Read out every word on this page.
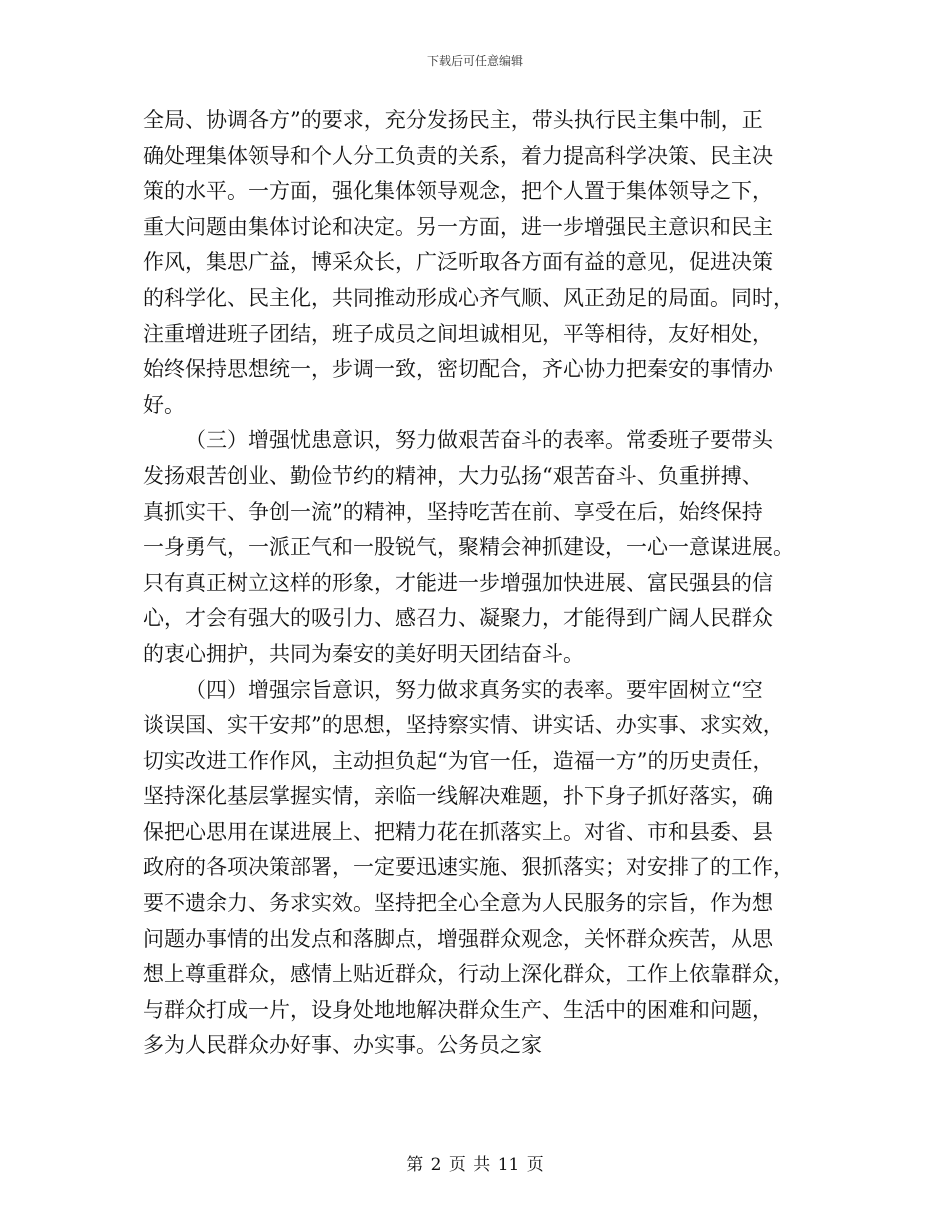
下载后可任意编辑
全局、协调各方”的要求，充分发扬民主，带头执行民主集中制，正
确处理集体领导和个人分工负责的关系，着力提高科学决策、民主决
策的水平。一方面，强化集体领导观念，把个人置于集体领导之下，
重大问题由集体讨论和决定。另一方面，进一步增强民主意识和民主
作风，集思广益，博采众长，广泛听取各方面有益的意见，促进决策
的科学化、民主化，共同推动形成心齐气顺、风正劲足的局面。同时，
注重增进班子团结，班子成员之间坦诚相见，平等相待，友好相处，
始终保持思想统一，步调一致，密切配合，齐心协力把秦安的事情办
好。
（三）增强忧患意识，努力做艰苦奋斗的表率。常委班子要带头
发扬艰苦创业、勤俭节约的精神，大力弘扬“艰苦奋斗、负重拼搏、
真抓实干、争创一流”的精神，坚持吃苦在前、享受在后，始终保持
一身勇气，一派正气和一股锐气，聚精会神抓建设，一心一意谋进展。
只有真正树立这样的形象，才能进一步增强加快进展、富民强县的信
心，才会有强大的吸引力、感召力、凝聚力，才能得到广阔人民群众
的衷心拥护，共同为秦安的美好明天团结奋斗。
（四）增强宗旨意识，努力做求真务实的表率。要牢固树立“空
谈误国、实干安邦”的思想，坚持察实情、讲实话、办实事、求实效，
切实改进工作作风，主动担负起“为官一任，造福一方”的历史责任，
坚持深化基层掌握实情，亲临一线解决难题，扑下身子抓好落实，确
保把心思用在谋进展上、把精力花在抓落实上。对省、市和县委、县
政府的各项决策部署，一定要迅速实施、狠抓落实；对安排了的工作，
要不遗余力、务求实效。坚持把全心全意为人民服务的宗旨，作为想
问题办事情的出发点和落脚点，增强群众观念，关怀群众疾苦，从思
想上尊重群众，感情上贴近群众，行动上深化群众，工作上依靠群众，
与群众打成一片，设身处地地解决群众生产、生活中的困难和问题，
多为人民群众办好事、办实事。公务员之家
第 2 页 共 11 页
